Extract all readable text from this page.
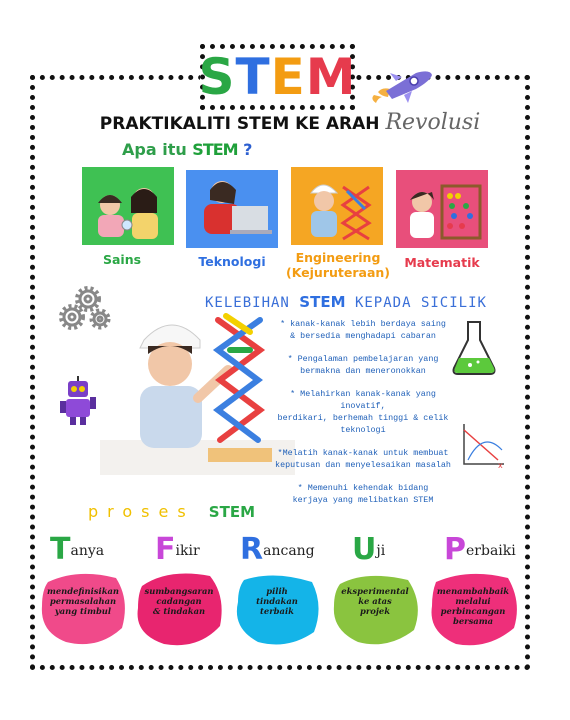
STEM
PRAKTIKALITI STEM KE ARAH Revolusi
Apa itu STEM ?
Sains	Teknologi	Engineering
(Kejuruteraan)
Matematik
KELEBIHAN STEM KEPADA SICILIK
* kanak-kanak lebih berdaya saing
& bersedia menghadapi cabaran
* Pengalaman pembelajaran yang
bermakna dan meneronokkan
* Melahirkan kanak-kanak yang inovatif,
berdikari, berhemah tinggi & celik teknologi
*Melatih kanak-kanak untuk membuat
keputusan dan menyelesaikan masalah
* Memenuhi kehendak bidang
kerjaya yang melibatkan STEM
x
proses STEM
Tanya Fikir Rancang Uji Perbaiki
mendefinisikan
permasalahan
yang timbul
sumbangsaran
cadangan
& tindakan
pilih
tindakan
terbaik
eksperimental
ke atas
projek
menambahbaik
melalui
perbincangan
bersama
